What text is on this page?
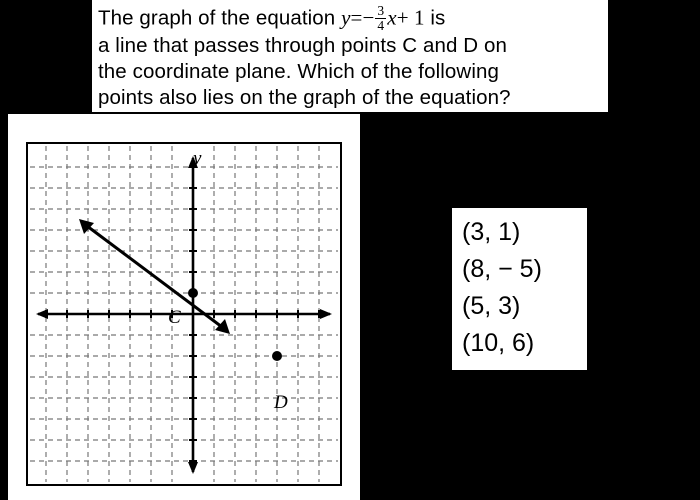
The graph of the equation $y=- \frac{3}{4} x+ 1$ is
a line that passes through points C and D on
the coordinate plane. Which of the following
points also lies on the graph of the equation?
y
x
C
D
(3, 1)
(8, − 5)
(5, 3)
(10, 6)
